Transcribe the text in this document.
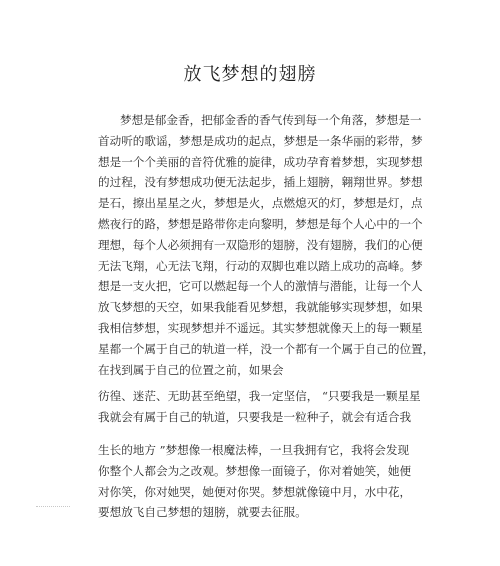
放飞梦想的翅膀
梦想是郁金香，把郁金香的香气传到每一个角落，梦想是一
首动听的歌谣，梦想是成功的起点，梦想是一条华丽的彩带，梦
想是一个个美丽的音符优雅的旋律，成功孕育着梦想，实现梦想
的过程，没有梦想成功便无法起步，插上翅膀，翱翔世界。梦想
是石，擦出星星之火，梦想是火，点燃熄灭的灯，梦想是灯，点
燃夜行的路，梦想是路带你走向黎明，梦想是每个人心中的一个
理想，每个人必须拥有一双隐形的翅膀，没有翅膀，我们的心便
无法飞翔，心无法飞翔，行动的双脚也难以踏上成功的高峰。梦
想是一支火把，它可以燃起每一个人的激情与潜能，让每一个人
放飞梦想的天空，如果我能看见梦想，我就能够实现梦想，如果
我相信梦想，实现梦想并不遥远。其实梦想就像天上的每一颗星
星都一个属于自己的轨道一样，没一个都有一个属于自己的位置，
在找到属于自己的位置之前，如果会
彷徨、迷茫、无助甚至绝望，我一定坚信， “只要我是一颗星星
我就会有属于自己的轨道，只要我是一粒种子，就会有适合我
生长的地方 ”梦想像一根魔法棒，一旦我拥有它，我将会发现
你整个人都会为之改观。梦想像一面镜子，你对着她笑，她便
对你笑，你对她哭，她便对你哭。梦想就像镜中月，水中花，
要想放飞自己梦想的翅膀，就要去征服。
